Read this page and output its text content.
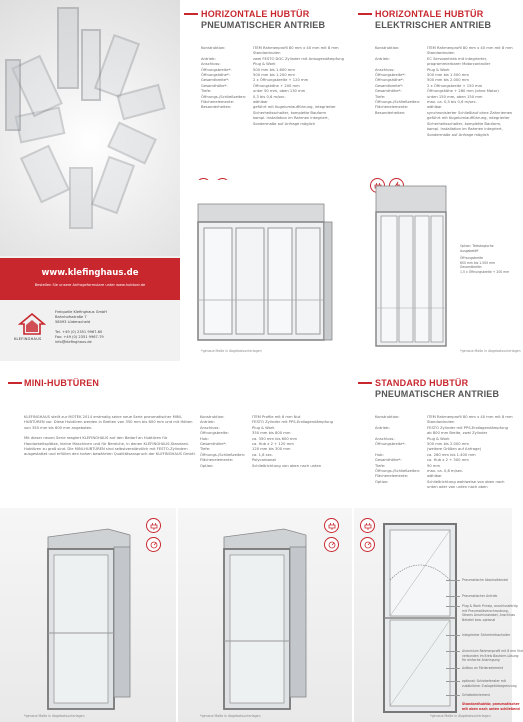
www.klefinghaus.de
Bestellen Sie unsere Anfrageformulare unter www.hubtuer.de
KLEFINGHAUS
Freiquelle Klefinghaus GmbH
Bahnhofsstraße 7
58093 Lüdenscheid
Tel. +49 (0) 2351 9967-60
Fax: +49 (0) 2351 9967-79
info@klefinghaus.de
HORIZONTALE HUBTÜR
PNEUMATISCHER ANTRIEB
Konstruktion:	ITEM Rahmenprofil 80 mm x 40 mm mit 8 mm
Standardnuten
Antrieb:	zwei FESTO DGC Zylinder mit Anbugendämpfung
Anschluss:	Plug & Work
Öffnungsbreite*:	500 mm bis 1.600 mm
Öffnungshöhe*:	500 mm bis 1.200 mm
Gesamtbreite*:	2 x Öffnungsbreite + 120 mm
Gesamthöhe*:	Öffnungshöhe + 200 mm
Tiefe:	unter 50 mm, oben 130 mm
Öffnungs-/Schließzeiten:	0,3 bis 0,6 m/sec.
Flächenelemente:	wählbar
Besonderheiten:	geführt mit Kugelumlaufführung, integrierter
Sicherheitsschalter, komplette Bauform
kompl. Installation im Rahmen integriert,
Sondermaße auf Anfrage möglich
*genaue Maße in Abgebotsunterlagen
HORIZONTALE HUBTÜR
ELEKTRISCHER ANTRIEB
Konstruktion:	ITEM Rahmenprofil 80 mm x 40 mm mit 8 mm
Standardnuten
Antrieb:	EC Servoantrieb mit integrierter,
programmierbarer Motorcontroller
Anschluss:	Plug & Work
Öffnungsbreite*:	500 mm bis 1.500 mm
Öffnungshöhe*:	500 mm bis 2.000 mm
Gesamtbreite*:	2 x Öffnungsbreite + 150 mm
Gesamthöhe*:	Öffnungshöhe + 260 mm (ohne Motor)
Tiefe:	unten 150 mm, oben 150 mm
Öffnungs-/Schließzeiten:	max. ca. 0,5 bis 0,6 m/sec.
Flächenelemente:	wählbar
Besonderheiten:	synchronisierter Schließlauf ohne Zahnriemen
geführt mit Kugelumlaufführung, integrierter
Sicherheitsschalter, komplette Bauform,
kompl. Installation im Rahmen integriert,
Sondermaße auf Anfrage möglich
Option: Teleskopische Ausgabelöff
Öffnungsbreite
600 mm bis 1.500 mm
Gesamtbreite:
1,5 x Öffnungsbreite + 200 mm
*genaue Maße in Abgebotsunterlagen
MINI-HUBTÜREN

KLEFINGHAUS stellt zur MOTEK 2014 erstmalig seine neue Serie pneumatischer MINI-HUBTÜREN vor. Diese Hubtüren werden in Breiten von 350 mm bis 800 mm und mit Höhen von 350 mm bis 600 mm angeboten.

Mit dieser neuen Serie reagiert KLEFINGHAUS auf den Bedarf an Hubtüren für Handarbeitsplätze, kleine Maschinen und für Bereiche, in denen KLEFINGHAUS-Standard-Hubtüren zu groß sind. Die MINI-HUBTÜREN sind selbstverständlich mit FESTO-Zylindern ausgestattet und erfüllen den hohen bewährten Qualitätsanspruch der KLEFINGHAUS GmbH.

Konstruktion:	ITEM Profile mit 6 mm Nut
Antrieb:	FESTO Zylinder mit PPS-Endlagendämpfung
Anschluss:	Plug & Work
Öffnungsbreite:	350 mm bis 800 mm
Hub:	ca. 350 mm bis 600 mm
Gesamthöhe*:	ca. Hub x 2 + 120 mm
Tiefe:	120 mm bis 300 mm
Öffnungs-/Schließzeiten:	ca. 1,8 sec.
Flächenelemente:	Polycarbonat
Option:	Schließrichtung von oben nach unten
*genaue Maße in Abgebotsunterlagen	*genaue Maße in Abgebotsunterlagen
STANDARD HUBTÜR
PNEUMATISCHER ANTRIEB
Konstruktion:	ITEM Rahmenprofil 80 mm x 40 mm mit 8 mm
Standardnuten
Antrieb:	FESTO Zylinder mit PPS-Endlagendämpfung
ab 800 mm Breite, zwei Zylinder
Anschluss:	Plug & Work
Öffnungsbreite*:	500 mm bis 2.000 mm
(weitere Größen auf Anfrage)
Hub:	ca. 260 mm bis 1.400 mm
Gesamthöhe*:	ca. Hub x 2 + 300 mm
Tiefe:	90 mm
Öffnungs-/Schließzeiten:	max. ca. 0,8 m/sec.
Flächenelemente:	wählbar
Option:	Schließrichtung wahlweise von oben nach
unten oder von unten nach oben
Pneumatische Abschaltdeckel
Pneumatischer Antrieb
Plug & Work Prinzip, anschlussfertig
mit Pneumatikverschraubung,
Stroms Anschlusskabel, Anschluss
Netzteil bzw. optional
Integrierter Sicherheitsschalter
Aluminium Rahmenprofil mit 8 mm Nut
verbunden im Kreis Bauform-Lösung
für einfache Anbringung
Aufbau an Förderselement
optional: Schiebefenster mit
zusätzlicher Zuslagetürbegrenzung
Schiebelenlement
Standardhubtür, pneumatischer
mit oben nach unten schließend
*genaue Maße in Abgebotsunterlagen
